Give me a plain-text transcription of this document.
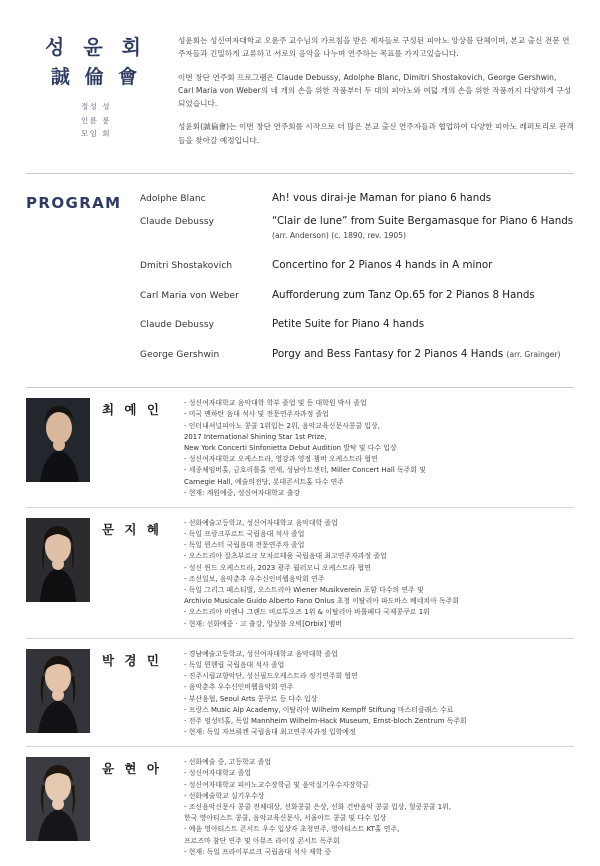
성 윤 회
誠 倫 會
정성 성
인륜 륜
모임 회

성윤회는 성신여자대학교 오윤주 교수님의 가르침을 받은 제자들로 구성된 피아노 앙상블 단체이며, 본교 출신 전문 연주자들과 긴밀하게 교류하고 서로의 음악을 나누며 연주하는 목표를 가지고있습니다.

이번 창단 연주회 프로그램은 Claude Debussy, Adolphe Blanc, Dimitri Shostakovich, George Gershwin, Carl Maria von Weber의 네 개의 손을 위한 작품부터 두 대의 피아노와 여덟 개의 손을 위한 작품까지 다양하게 구성되었습니다.

성윤회(誠倫會)는 이번 창단 연주회를 시작으로 더 많은 본교 출신 연주자들과 협업하여 다양한 피아노 레퍼토리로 관객들을 찾아갈 예정입니다.

PROGRAM	Adolphe Blanc	Ah! vous dirai-je Maman for piano 6 hands
Claude Debussy	“Clair de lune” from Suite Bergamasque for Piano 6 Hands
(arr. Anderson) (c. 1890, rev. 1905)
Dmitri Shostakovich	Concertino for 2 Pianos 4 hands in A minor
Carl Maria von Weber	Aufforderung zum Tanz Op.65 for 2 Pianos 8 Hands
Claude Debussy	Petite Suite for Piano 4 hands
George Gershwin	Porgy and Bess Fantasy for 2 Pianos 4 Hands (arr. Grainger)
최 예 인	- 성신여자대학교 음악대학 학부 졸업 및 동 대학원 박사 졸업
- 미국 맨하탄 음대 석사 및 전문연주자과정 졸업
- 인터내셔널피아노 콩쿨 1위입는 2위, 음악교육신문사콩쿨 입상,
2017 International Shining Star 1st Prize,
New York Concerti Sinfonietta Debut Audition 발탁 및 다수 입상
- 성신여자대학교 오케스트라, 영강과 영정 챔버 오케스트라 협연
- 세종체임버홀, 금호리틀홀 연세, 성남아트센터, Miller Concert Hall 독주회 및
Carnegie Hall, 예술의전당, 롯데콘서트홀 다수 연주
- 현재: 계원예중, 성신여자대학교 출강
문 지 혜	- 선화예술고등학교, 성신여자대학교 음악대학 졸업
- 독일 프랑크푸르트 국립음대 석사 졸업
- 독일 뮌스터 국립음대 전문연주자 졸업
- 오스트리아 잘츠부르크 모차르테움 국립음대 최고연주자과정 졸업
- 성신 윈드 오케스트라, 2023 광주 월러모니 오케스트라 협연
- 조선일보, 음악춘추 우수신인비웹음악회 연주
- 독일 그리그 페스티벌, 오스트리아 Wiener Musikverein 포함 다수의 연주 및
Archivio Musicale Guido Alberto Fano Onlus 초청 이탈리아 파도바스 베네치아 독주회
- 오스트리아 비엔나 그랜드 비르투오즈 1위 & 이탈리아 바톨페다 국제콩쿠르 1위
- 현재: 선화예중 · 고 출강, 앙상블 오빅[Orbix] 멤버
박 경 민	- 경남예술고등학교, 성신여자대학교 음악대학 졸업
- 독일 뮌헨립 국립음대 석사 졸업
- 진주시립교향악단, 성신필드오케스트라 정기연주회 협연
- 음악춘추 우수신인비웹음악회 연주
- 부산음협, Seoul Arts 콩쿠르 등 다수 입상
- 프랑스 Music Alp Academy, 이탈리아 Wilhelm Kempff Stiftung 마스터클래스 수료
- 전주 엉성터홀, 독일 Mannheim Wilhelm-Hack Museum, Ernst-bloch Zentrum 독주회
- 현재: 독일 자브뤼켄 국립음대 최고연주자과정 입학예정
윤 현 아	- 선화예술 중, 고등학교 졸업
- 성신여자대학교 졸업
- 성신여자대학교 피아노교수장학금 및 음악실기우수자장학금
- 선화예술학교 실기우수상
- 조선음악신문사 콩쿨 전체대상, 선화콩쿨 은상, 선화 건반음악 콩쿨 입상, 헝쿵콩쿨 1위,
한국 영아티스트 콩쿨, 음악교육신문사, 서울아트 콩쿨 및 다수 입상
- 예음 영아티스트 콘서트 우수 입상자 초청연주, 영아티스트 KT홀 연주,
프르즈마 참단 연주 및 아뮤즈 라이징 콘서트 독주회
- 현재: 독일 프라이부르크 국립음대 석사 재학 중
